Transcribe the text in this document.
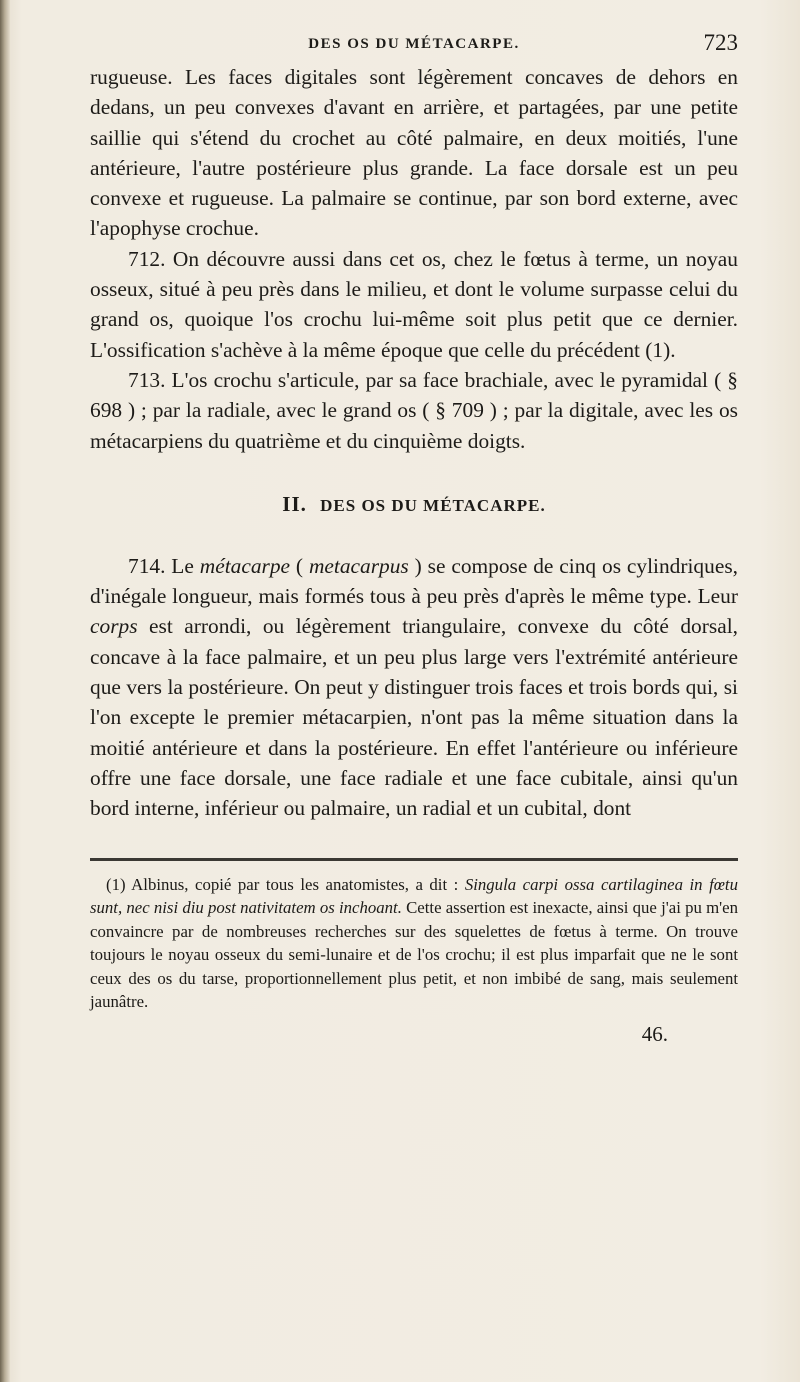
DES OS DU MÉTACARPE.	723

rugueuse. Les faces digitales sont légèrement concaves de dehors en dedans, un peu convexes d'avant en arrière, et partagées, par une petite saillie qui s'étend du crochet au côté palmaire, en deux moitiés, l'une antérieure, l'autre postérieure plus grande. La face dorsale est un peu convexe et rugueuse. La palmaire se continue, par son bord externe, avec l'apophyse crochue.

712. On découvre aussi dans cet os, chez le fœtus à terme, un noyau osseux, situé à peu près dans le milieu, et dont le volume surpasse celui du grand os, quoique l'os crochu lui-même soit plus petit que ce dernier. L'ossification s'achève à la même époque que celle du précédent (1).

713. L'os crochu s'articule, par sa face brachiale, avec le pyramidal ( § 698 ) ; par la radiale, avec le grand os ( § 709 ) ; par la digitale, avec les os métacarpiens du quatrième et du cinquième doigts.

II. DES OS DU MÉTACARPE.

714. Le métacarpe ( metacarpus ) se compose de cinq os cylindriques, d'inégale longueur, mais formés tous à peu près d'après le même type. Leur corps est arrondi, ou légèrement triangulaire, convexe du côté dorsal, concave à la face palmaire, et un peu plus large vers l'extrémité antérieure que vers la postérieure. On peut y distinguer trois faces et trois bords qui, si l'on excepte le premier métacarpien, n'ont pas la même situation dans la moitié antérieure et dans la postérieure. En effet l'antérieure ou inférieure offre une face dorsale, une face radiale et une face cubitale, ainsi qu'un bord interne, inférieur ou palmaire, un radial et un cubital, dont

(1) Albinus, copié par tous les anatomistes, a dit : Singula carpi ossa cartilaginea in fœtu sunt, nec nisi diu post nativitatem os inchoant. Cette assertion est inexacte, ainsi que j'ai pu m'en convaincre par de nombreuses recherches sur des squelettes de fœtus à terme. On trouve toujours le noyau osseux du semi-lunaire et de l'os crochu; il est plus imparfait que ne le sont ceux des os du tarse, proportionnellement plus petit, et non imbibé de sang, mais seulement jaunâtre.

46.
